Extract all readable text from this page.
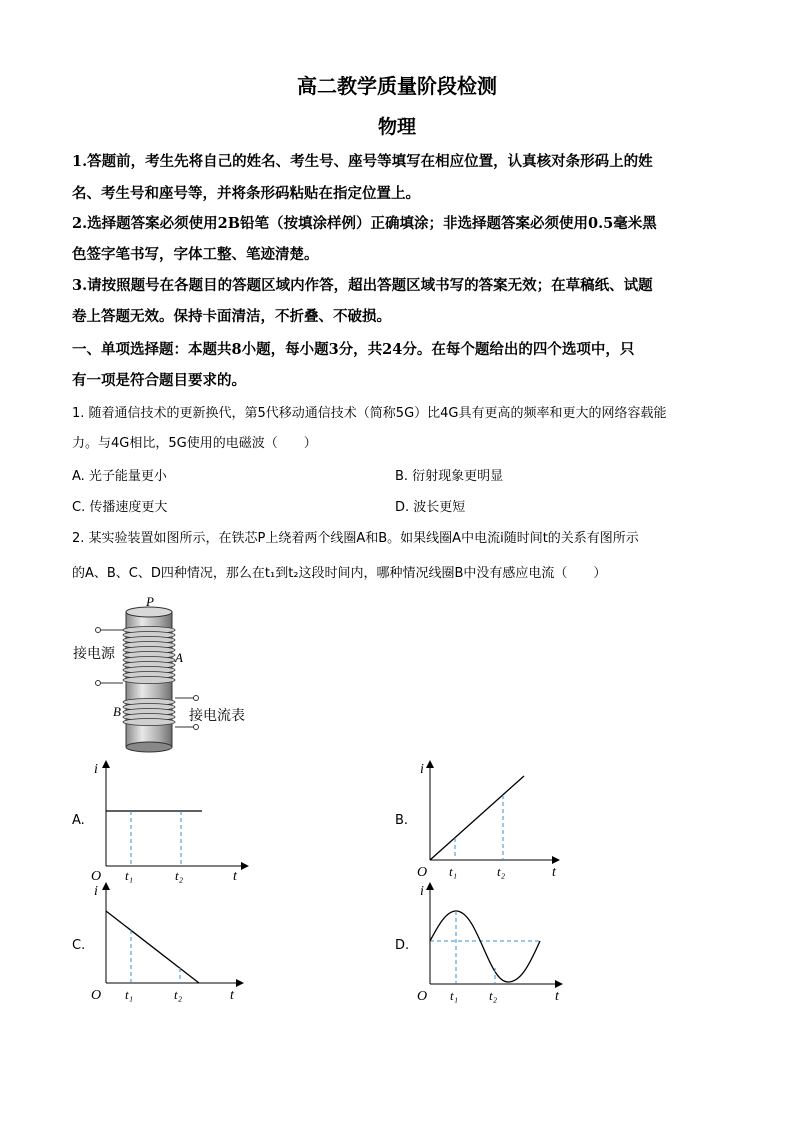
高二教学质量阶段检测
物理
1.答题前，考生先将自己的姓名、考生号、座号等填写在相应位置，认真核对条形码上的姓
名、考生号和座号等，并将条形码粘贴在指定位置上。
2.选择题答案必须使用2B铅笔（按填涂样例）正确填涂；非选择题答案必须使用0.5毫米黑
色签字笔书写，字体工整、笔迹清楚。
3.请按照题号在各题目的答题区域内作答，超出答题区域书写的答案无效；在草稿纸、试题
卷上答题无效。保持卡面清洁，不折叠、不破损。
一、单项选择题：本题共8小题，每小题3分，共24分。在每个题给出的四个选项中，只
有一项是符合题目要求的。
1. 随着通信技术的更新换代，第5代移动通信技术（简称5G）比4G具有更高的频率和更大的网络容载能
力。与4G相比，5G使用的电磁波（　　）
A. 光子能量更小	B. 衍射现象更明显
C. 传播速度更大	D. 波长更短
2. 某实验装置如图所示，在铁芯P上绕着两个线圈A和B。如果线圈A中电流i随时间t的关系有图所示
的A、B、C、D四种情况，那么在t₁到t₂这段时间内，哪种情况线圈B中没有感应电流（　　）
P
A
B
接电源
接电流表
A.
i
O t₁	t₂	t
B.
i
O t₁	t₂	t
C.
i
O t₁	t₂	t
D.
i
O t₁ t₂	t
